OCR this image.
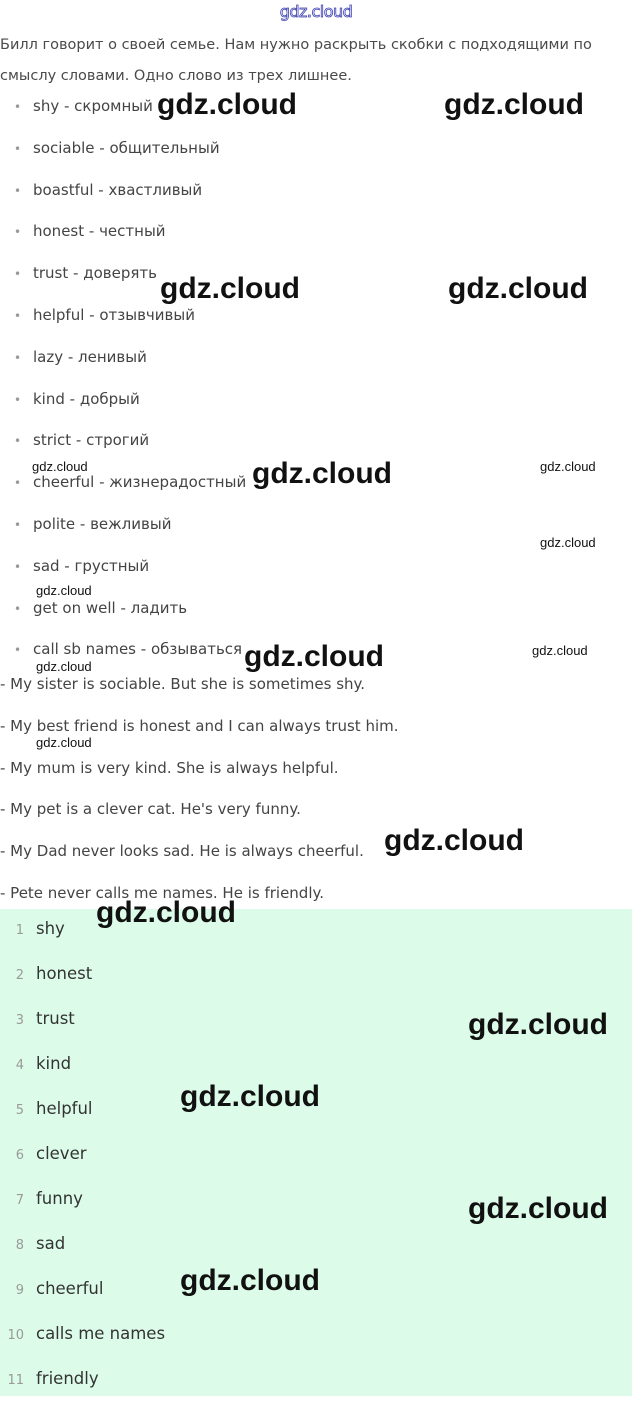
gdz.cloud

Билл говорит о своей семье. Нам нужно раскрыть скобки с подходящими по смыслу словами. Одно слово из трех лишнее.

• shy - скромный
• sociable - общительный
• boastful - хвастливый
• honest - честный
• trust - доверять
• helpful - отзывчивый
• lazy - ленивый
• kind - добрый
• strict - строгий
• cheerful - жизнерадостный
• polite - вежливый
• sad - грустный
• get on well - ладить
• call sb names - обзываться
- My sister is sociable. But she is sometimes shy.
- My best friend is honest and I can always trust him.
- My mum is very kind. She is always helpful.
- My pet is a clever cat. He's very funny.
- My Dad never looks sad. He is always cheerful.
- Pete never calls me names. He is friendly.
1 shy
2 honest
3 trust
4 kind
5 helpful
6 clever
7 funny
8 sad
9 cheerful
10 calls me names
11 friendly
gdz.cloud	gdz.cloud
gdz.cloud	gdz.cloud
gdz.cloud	gdz.cloud	gdz.cloud
gdz.cloud
gdz.cloud
gdz.cloud	gdz.cloud
gdz.cloud
gdz.cloud
gdz.cloud
gdz.cloud
gdz.cloud
gdz.cloud
gdz.cloud
gdz.cloud
